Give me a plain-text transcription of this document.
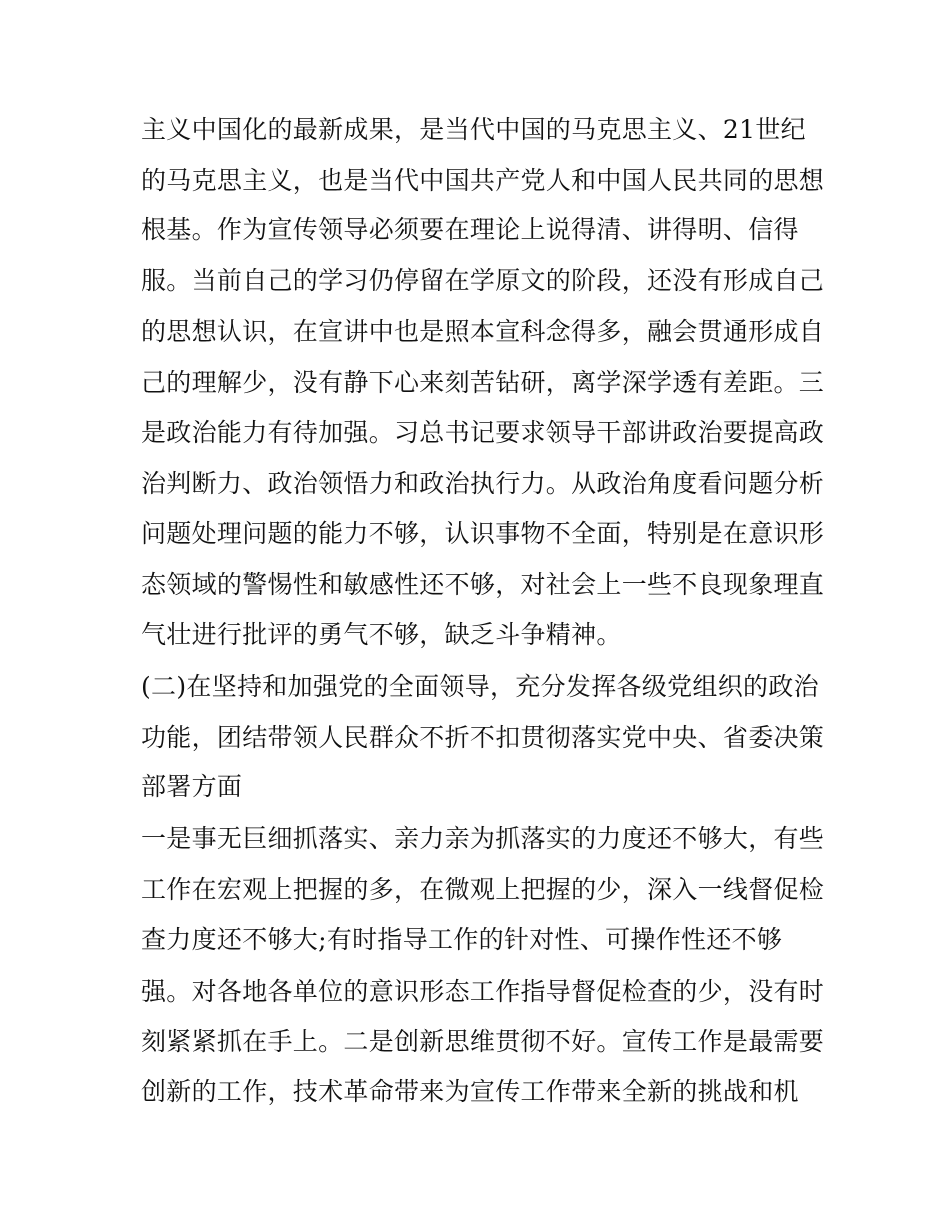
主义中国化的最新成果，是当代中国的马克思主义、21世纪
的马克思主义，也是当代中国共产党人和中国人民共同的思想
根基。作为宣传领导必须要在理论上说得清、讲得明、信得
服。当前自己的学习仍停留在学原文的阶段，还没有形成自己
的思想认识，在宣讲中也是照本宣科念得多，融会贯通形成自
己的理解少，没有静下心来刻苦钻研，离学深学透有差距。三
是政治能力有待加强。习总书记要求领导干部讲政治要提高政
治判断力、政治领悟力和政治执行力。从政治角度看问题分析
问题处理问题的能力不够，认识事物不全面，特别是在意识形
态领域的警惕性和敏感性还不够，对社会上一些不良现象理直
气壮进行批评的勇气不够，缺乏斗争精神。
(二)在坚持和加强党的全面领导，充分发挥各级党组织的政治
功能，团结带领人民群众不折不扣贯彻落实党中央、省委决策
部署方面
一是事无巨细抓落实、亲力亲为抓落实的力度还不够大，有些
工作在宏观上把握的多，在微观上把握的少，深入一线督促检
查力度还不够大;有时指导工作的针对性、可操作性还不够
强。对各地各单位的意识形态工作指导督促检查的少，没有时
刻紧紧抓在手上。二是创新思维贯彻不好。宣传工作是最需要
创新的工作，技术革命带来为宣传工作带来全新的挑战和机
